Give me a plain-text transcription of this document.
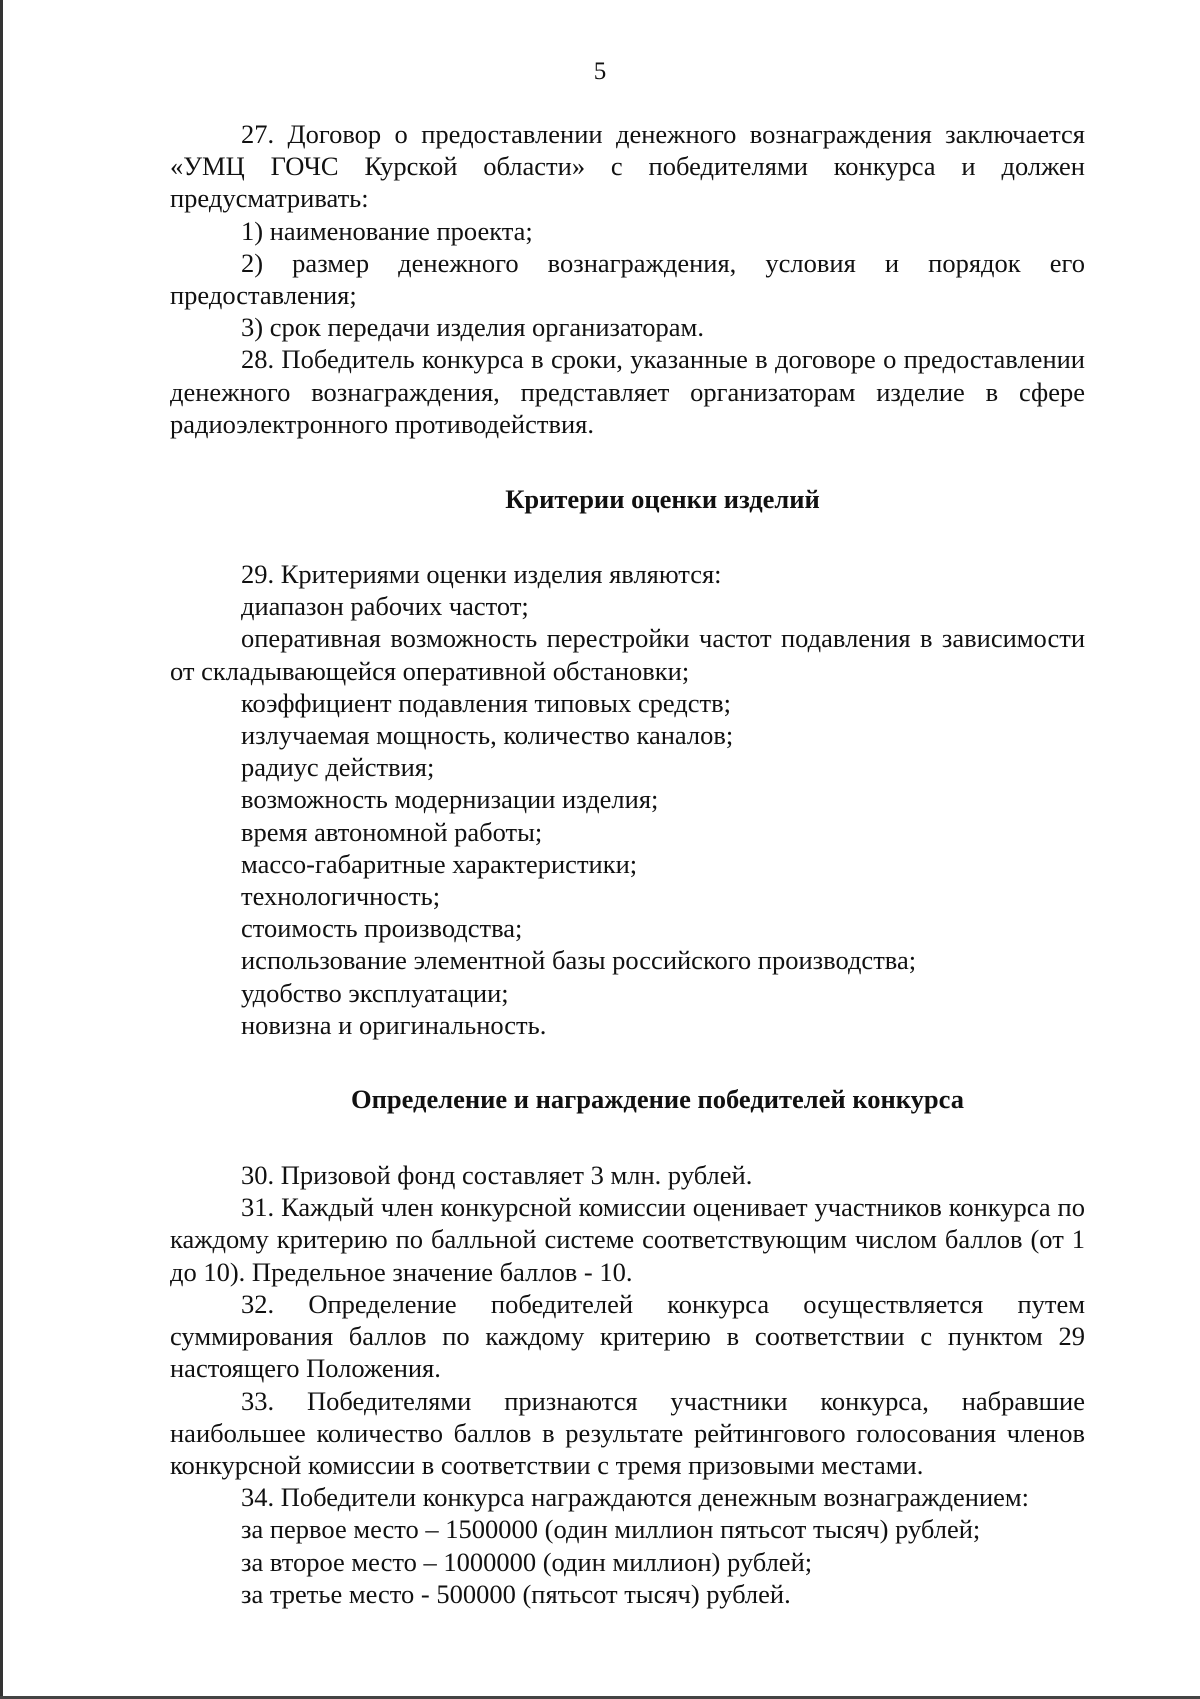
5

27. Договор о предоставлении денежного вознаграждения заключается «УМЦ ГОЧС Курской области» с победителями конкурса и должен предусматривать:

1) наименование проекта;

2) размер денежного вознаграждения, условия и порядок его предоставления;

3) срок передачи изделия организаторам.

28. Победитель конкурса в сроки, указанные в договоре о предоставлении денежного вознаграждения, представляет организаторам изделие в сфере радиоэлектронного противодействия.

Критерии оценки изделий

29. Критериями оценки изделия являются:

диапазон рабочих частот;

оперативная возможность перестройки частот подавления в зависимости от складывающейся оперативной обстановки;

коэффициент подавления типовых средств;

излучаемая мощность, количество каналов;

радиус действия;

возможность модернизации изделия;

время автономной работы;

массо-габаритные характеристики;

технологичность;

стоимость производства;

использование элементной базы российского производства;

удобство эксплуатации;

новизна и оригинальность.

Определение и награждение победителей конкурса

30. Призовой фонд составляет 3 млн. рублей.

31. Каждый член конкурсной комиссии оценивает участников конкурса по каждому критерию по балльной системе соответствующим числом баллов (от 1 до 10). Предельное значение баллов - 10.

32. Определение победителей конкурса осуществляется путем суммирования баллов по каждому критерию в соответствии с пунктом 29 настоящего Положения.

33. Победителями признаются участники конкурса, набравшие наибольшее количество баллов в результате рейтингового голосования членов конкурсной комиссии в соответствии с тремя призовыми местами.

34. Победители конкурса награждаются денежным вознаграждением:

за первое место – 1500000 (один миллион пятьсот тысяч) рублей;

за второе место – 1000000 (один миллион) рублей;

за третье место - 500000 (пятьсот тысяч) рублей.
